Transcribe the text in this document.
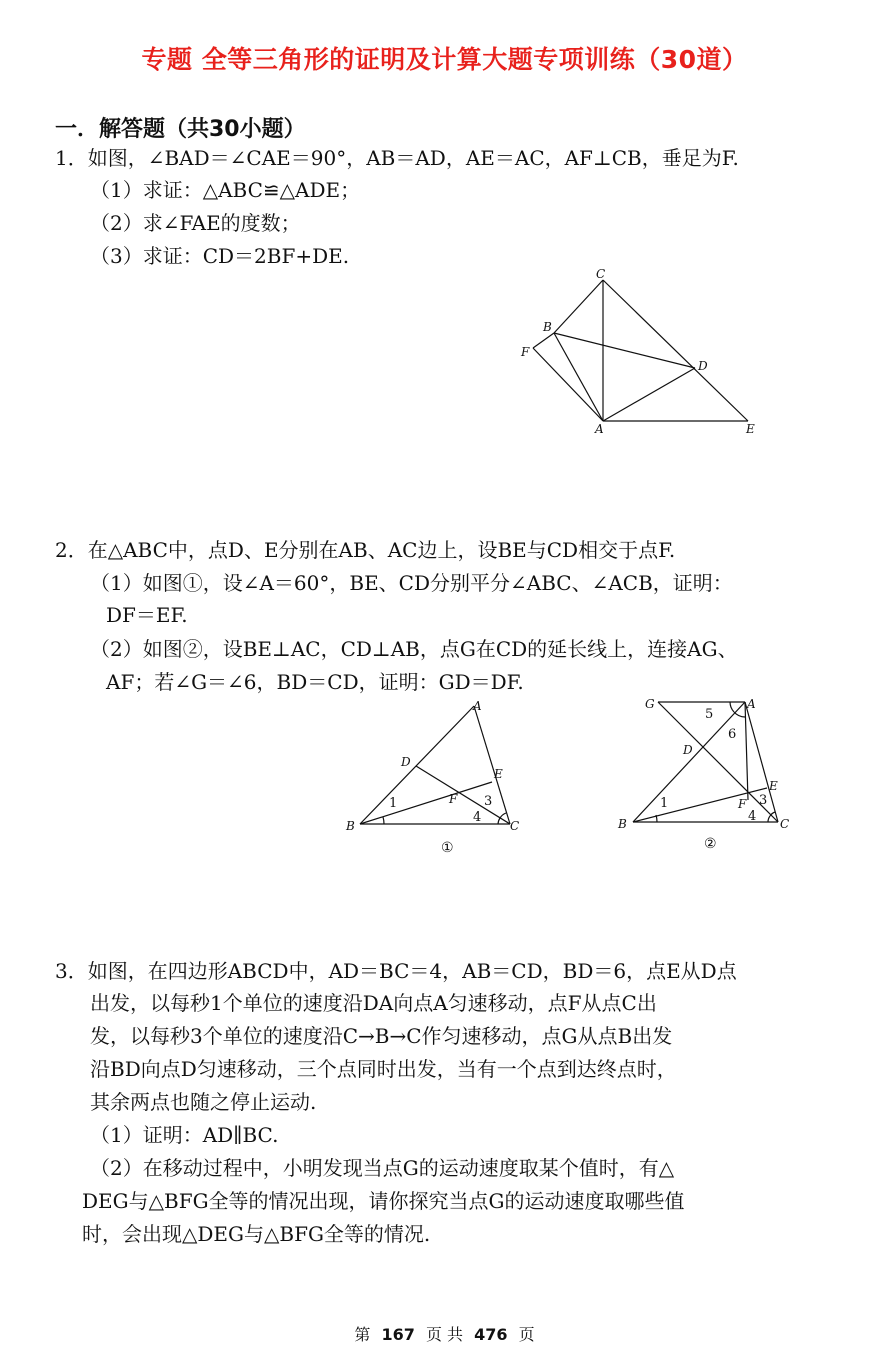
专题 全等三角形的证明及计算大题专项训练（30道）
一．解答题（共30小题）
1．如图，∠BAD＝∠CAE＝90°，AB＝AD，AE＝AC，AF⊥CB，垂足为F.
（1）求证：△ABC≌△ADE；
（2）求∠FAE的度数；
（3）求证：CD＝2BF+DE.
C
B
F
D
A	E
2．在△ABC中，点D、E分别在AB、AC边上，设BE与CD相交于点F.
（1）如图①，设∠A＝60°，BE、CD分别平分∠ABC、∠ACB，证明：
DF＝EF.
（2）如图②，设BE⊥AC，CD⊥AB，点G在CD的延长线上，连接AG、
AF；若∠G＝∠6，BD＝CD，证明：GD＝DF.
A
D
E
F
B	C
1	3
4
①
G	A
D
E
F
B	C
1	3
4
5
6
②
3．如图，在四边形ABCD中，AD＝BC＝4，AB＝CD，BD＝6，点E从D点
出发，以每秒1个单位的速度沿DA向点A匀速移动，点F从点C出
发，以每秒3个单位的速度沿C→B→C作匀速移动，点G从点B出发
沿BD向点D匀速移动，三个点同时出发，当有一个点到达终点时，
其余两点也随之停止运动.
（1）证明：AD∥BC.
（2）在移动过程中，小明发现当点G的运动速度取某个值时，有△
DEG与△BFG全等的情况出现，请你探究当点G的运动速度取哪些值
时，会出现△DEG与△BFG全等的情况.
第 167 页 共 476 页
